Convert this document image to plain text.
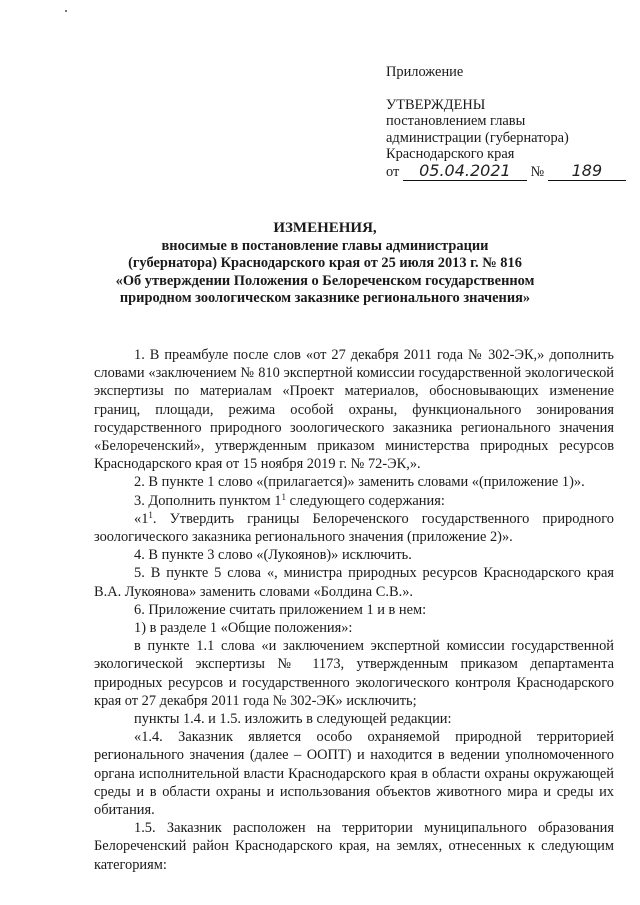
Приложение
УТВЕРЖДЕНЫ
постановлением главы
администрации (губернатора)
Краснодарского края
от 05.04.2021 № 189
ИЗМЕНЕНИЯ,
вносимые в постановление главы администрации
(губернатора) Краснодарского края от 25 июля 2013 г. № 816
«Об утверждении Положения о Белореченском государственном
природном зоологическом заказнике регионального значения»

1. В преамбуле после слов «от 27 декабря 2011 года № 302-ЭК,» дополнить словами «заключением № 810 экспертной комиссии государственной экологической экспертизы по материалам «Проект материалов, обосновывающих изменение границ, площади, режима особой охраны, функционального зонирования государственного природного зоологического заказника регионального значения «Белореченский», утвержденным приказом министерства природных ресурсов Краснодарского края от 15 ноября 2019 г. № 72-ЭК,».

2. В пункте 1 слово «(прилагается)» заменить словами «(приложение 1)».

3. Дополнить пунктом $1^1$ следующего содержания:

«$1^1$. Утвердить границы Белореченского государственного природного зоологического заказника регионального значения (приложение 2)».

4. В пункте 3 слово «(Лукоянов)» исключить.

5. В пункте 5 слова «, министра природных ресурсов Краснодарского края В.А. Лукоянова» заменить словами «Болдина С.В.».

6. Приложение считать приложением 1 и в нем:

1) в разделе 1 «Общие положения»:

в пункте 1.1 слова «и заключением экспертной комиссии государственной экологической экспертизы № 1173, утвержденным приказом департамента природных ресурсов и государственного экологического контроля Краснодарского края от 27 декабря 2011 года № 302-ЭК» исключить;

пункты 1.4. и 1.5. изложить в следующей редакции:

«1.4. Заказник является особо охраняемой природной территорией регионального значения (далее – ООПТ) и находится в ведении уполномоченного органа исполнительной власти Краснодарского края в области охраны окружающей среды и в области охраны и использования объектов животного мира и среды их обитания.

1.5. Заказник расположен на территории муниципального образования Белореченский район Краснодарского края, на землях, отнесенных к следующим категориям:
